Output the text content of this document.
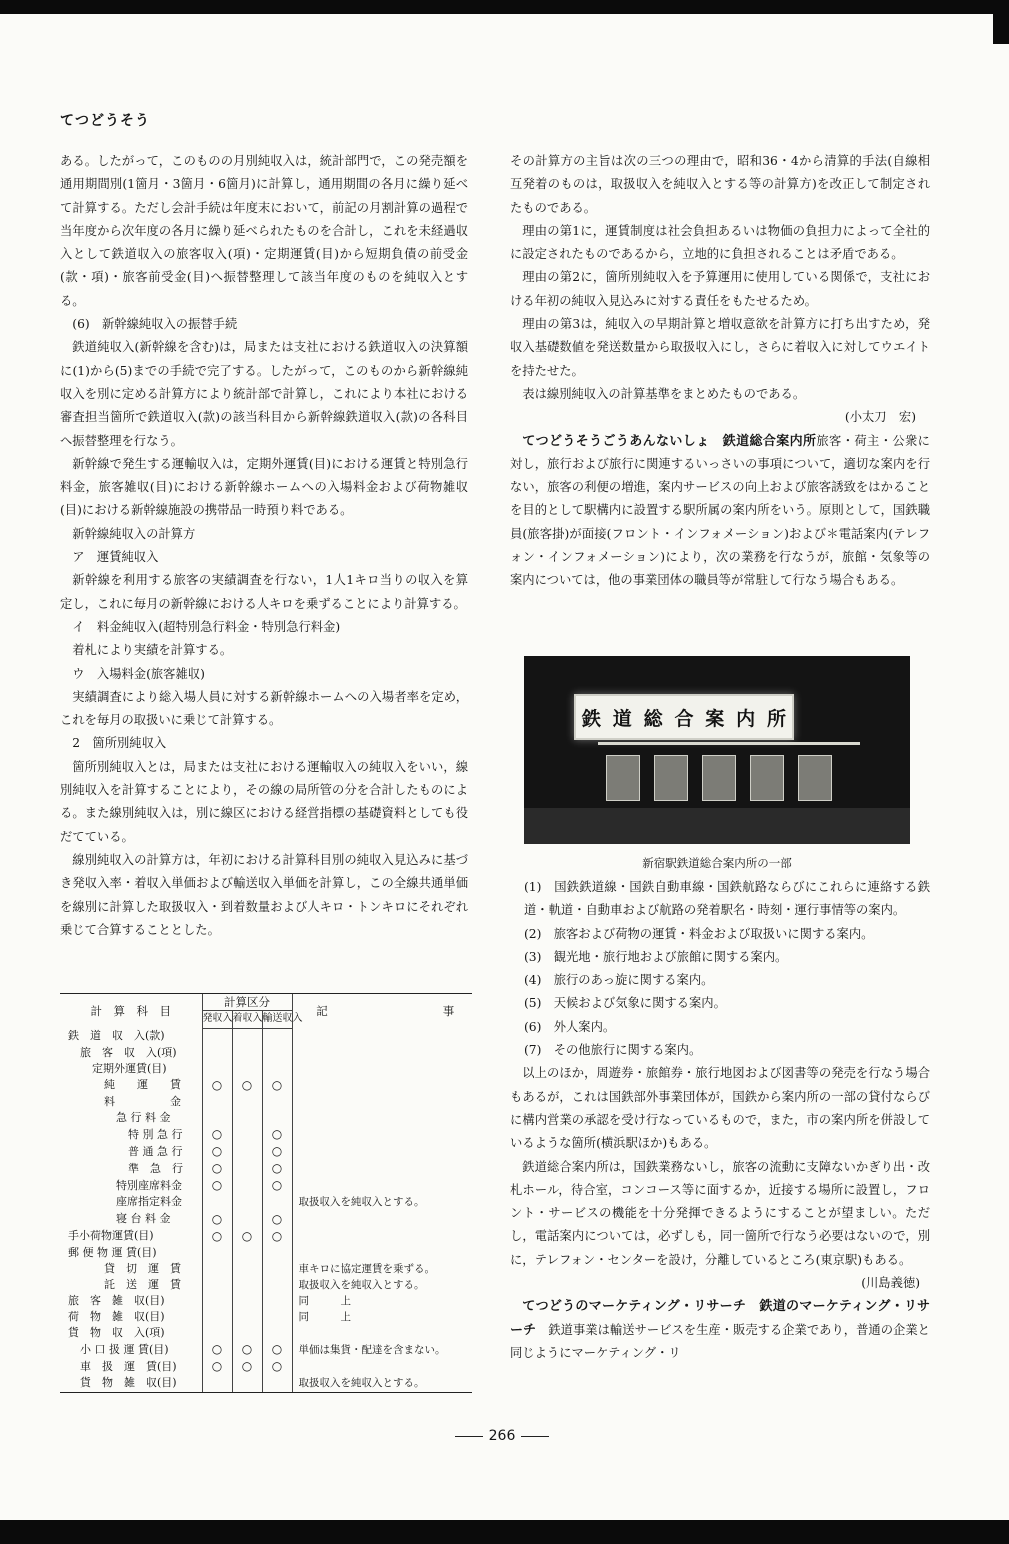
てつどうそう

ある。したがって，このものの月別純収入は，統計部門で，この発売額を通用期間別(1箇月・3箇月・6箇月)に計算し，通用期間の各月に繰り延べて計算する。ただし会計手続は年度末において，前記の月割計算の過程で当年度から次年度の各月に繰り延べられたものを合計し，これを未経過収入として鉄道収入の旅客収入(項)・定期運賃(目)から短期負債の前受金(款・項)・旅客前受金(目)へ振替整理して該当年度のものを純収入とする。

(6)　新幹線純収入の振替手続

鉄道純収入(新幹線を含む)は，局または支社における鉄道収入の決算額に(1)から(5)までの手続で完了する。したがって，このものから新幹線純収入を別に定める計算方により統計部で計算し，これにより本社における審査担当箇所で鉄道収入(款)の該当科目から新幹線鉄道収入(款)の各科目へ振替整理を行なう。

新幹線で発生する運輸収入は，定期外運賃(目)における運賃と特別急行料金，旅客雑収(目)における新幹線ホームへの入場料金および荷物雑収(目)における新幹線施設の携帯品一時預り料である。

新幹線純収入の計算方

ア　運賃純収入

新幹線を利用する旅客の実績調査を行ない，1人1キロ当りの収入を算定し，これに毎月の新幹線における人キロを乗ずることにより計算する。

イ　料金純収入(超特別急行料金・特別急行料金)

着札により実績を計算する。

ウ　入場料金(旅客雑収)

実績調査により総入場人員に対する新幹線ホームへの入場者率を定め，これを毎月の取扱いに乗じて計算する。

2　箇所別純収入

箇所別純収入とは，局または支社における運輸収入の純収入をいい，線別純収入を計算することにより，その線の局所管の分を合計したものによる。また線別純収入は，別に線区における経営指標の基礎資料としても役だてている。

線別純収入の計算方は，年初における計算科目別の純収入見込みに基づき発収入率・着収入単価および輸送収入単価を計算し，この全線共通単価を線別に計算した取扱収入・到着数量および人キロ・トンキロにそれぞれ乗じて合算することとした。

計　算　科　目	計算区分			記　　　　　　　　　　事
	発収入	着収入	輸送収入	
鉄　道　収　入(款)				
旅　客　収　入(項)				
定期外運賃(目)				
純　　運　　賃	○	○	○	
料　　　　　金				
急 行 料 金				
特 別 急 行	○		○	
普 通 急 行	○		○	
準　急　行	○		○	
特別座席料金	○		○	
座席指定料金				取扱収入を純収入とする。
寝 台 料 金	○		○	
手小荷物運賃(目)	○	○	○	
郵 便 物 運 賃(目)				
貸　切　運　賃				車キロに協定運賃を乗ずる。
託　送　運　賃				取扱収入を純収入とする。
旅　客　雑　収(目)				同　　　上
荷　物　雑　収(目)				同　　　上
貨　物　収　入(項)				
小 口 扱 運 賃(目)	○	○	○	単価は集貨・配達を含まない。
車　扱　運　賃(目)	○	○	○	
貨　物　雑　収(目)				取扱収入を純収入とする。

その計算方の主旨は次の三つの理由で，昭和36・4から清算的手法(自線相互発着のものは，取扱収入を純収入とする等の計算方)を改正して制定されたものである。

理由の第1に，運賃制度は社会負担あるいは物価の負担力によって全社的に設定されたものであるから，立地的に負担されることは矛盾である。

理由の第2に，箇所別純収入を予算運用に使用している関係で，支社における年初の純収入見込みに対する責任をもたせるため。

理由の第3は，純収入の早期計算と増収意欲を計算方に打ち出すため，発収入基礎数値を発送数量から取扱収入にし，さらに着収入に対してウエイトを持たせた。

表は線別純収入の計算基準をまとめたものである。

(小太刀　宏)

てつどうそうごうあんないしょ　鉄道総合案内所旅客・荷主・公衆に対し，旅行および旅行に関連するいっさいの事項について，適切な案内を行ない，旅客の利便の増進，案内サービスの向上および旅客誘致をはかることを目的として駅構内に設置する駅所属の案内所をいう。原則として，国鉄職員(旅客掛)が面接(フロント・インフォメーション)および＊電話案内(テレフォン・インフォメーション)により，次の業務を行なうが，旅館・気象等の案内については，他の事業団体の職員等が常駐して行なう場合もある。

鉄 道 総 合 案 内 所
新宿駅鉄道総合案内所の一部

(1)　国鉄鉄道線・国鉄自動車線・国鉄航路ならびにこれらに連絡する鉄道・軌道・自動車および航路の発着駅名・時刻・運行事情等の案内。

(2)　旅客および荷物の運賃・料金および取扱いに関する案内。

(3)　観光地・旅行地および旅館に関する案内。

(4)　旅行のあっ旋に関する案内。

(5)　天候および気象に関する案内。

(6)　外人案内。

(7)　その他旅行に関する案内。

以上のほか，周遊券・旅館券・旅行地図および図書等の発売を行なう場合もあるが，これは国鉄部外事業団体が，国鉄から案内所の一部の貸付ならびに構内営業の承認を受け行なっているもので，また，市の案内所を併設しているような箇所(横浜駅ほか)もある。

鉄道総合案内所は，国鉄業務ないし，旅客の流動に支障ないかぎり出・改札ホール，待合室，コンコース等に面するか，近接する場所に設置し，フロント・サービスの機能を十分発揮できるようにすることが望ましい。ただし，電話案内については，必ずしも，同一箇所で行なう必要はないので，別に，テレフォン・センターを設け，分離しているところ(東京駅)もある。

(川島義徳)

てつどうのマーケティング・リサーチ　鉄道のマーケティング・リサーチ　 鉄道事業は輸送サービスを生産・販売する企業であり，普通の企業と同じようにマーケティング・リ

266
